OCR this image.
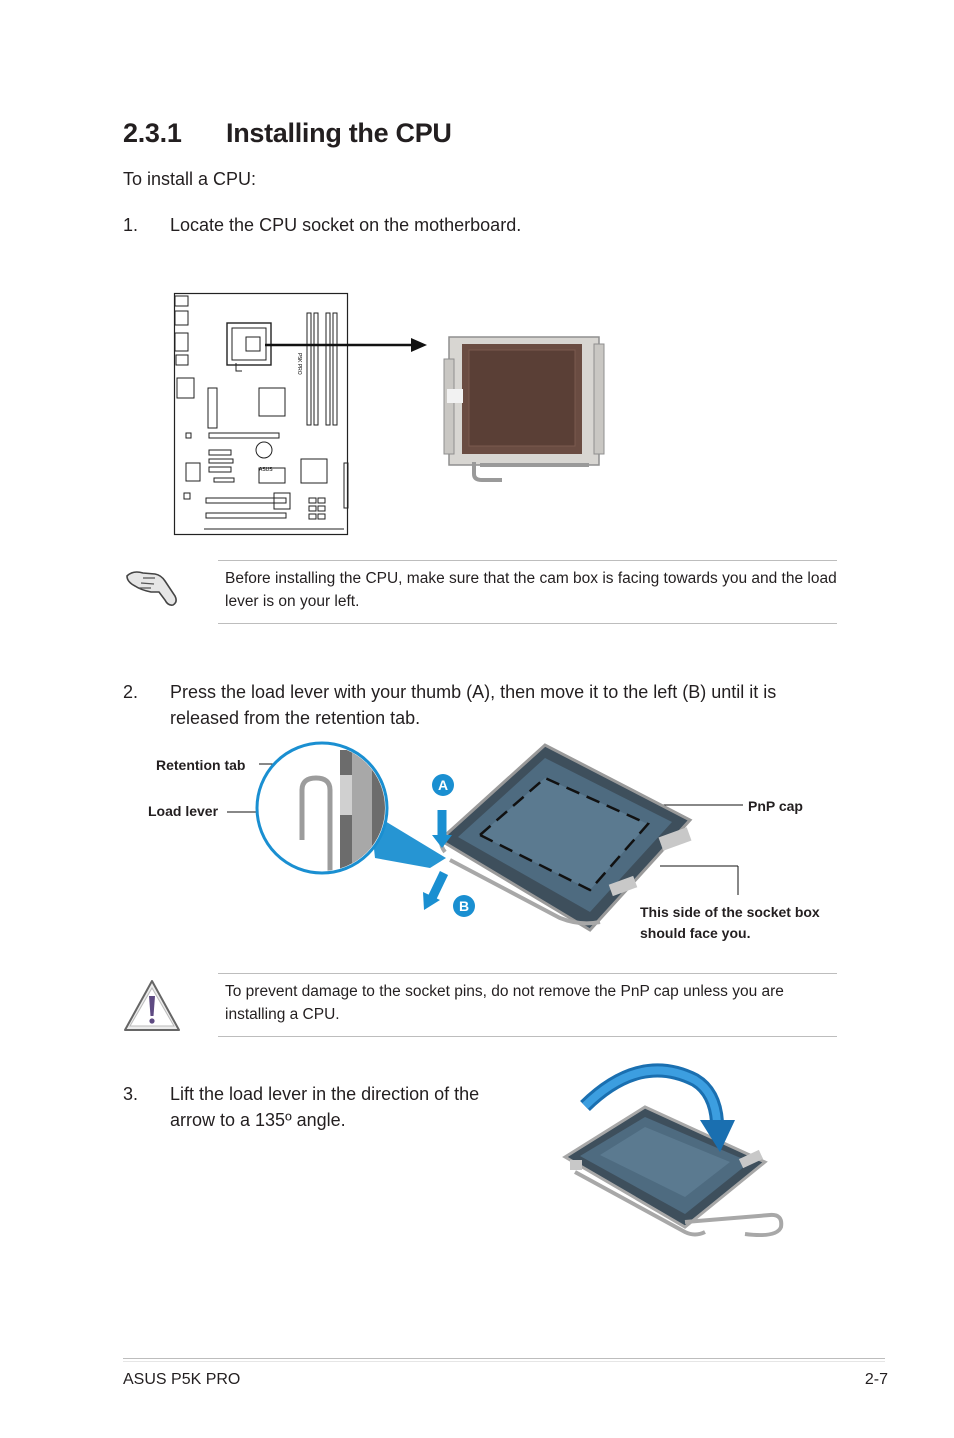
2.3.1 Installing the CPU
To install a CPU:
1. Locate the CPU socket on the motherboard.
P5K PRO
ASUS
Before installing the CPU, make sure that the cam box is facing towards you and the load lever is on your left.
2. Press the load lever with your thumb (A), then move it to the left (B) until it is released from the retention tab.
Retention tab
Load lever	PnP cap
This side of the socket box should face you.
A
B
To prevent damage to the socket pins, do not remove the PnP cap unless you are installing a CPU.
3. Lift the load lever in the direction of the arrow to a 135º angle.
ASUS P5K PRO	2-7
